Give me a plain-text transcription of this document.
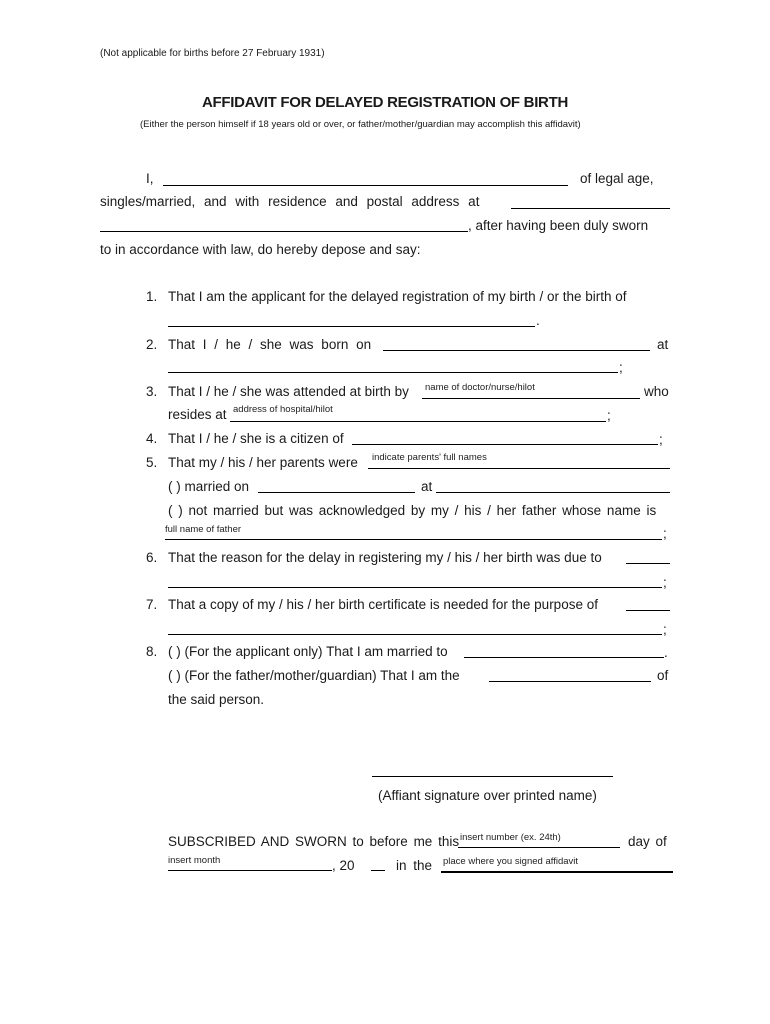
(Not applicable for births before 27 February 1931)
AFFIDAVIT FOR DELAYED REGISTRATION OF BIRTH
(Either the person himself if 18 years old or over, or father/mother/guardian may accomplish this affidavit)
I,	of legal age,
singles/married, and with residence and postal address at
, after having been duly sworn
to in accordance with law, do hereby depose and say:
1. That I am the applicant for the delayed registration of my birth / or the birth of
.
2. That I / he / she was born on	at
;
3. That I / he / she was attended at birth by name of doctor/nurse/hilot	who
resides at address of hospital/hilot	;
4. That I / he / she is a citizen of	;
5. That my / his / her parents were indicate parents' full names
( ) married on	at
( ) not married but was acknowledged by my / his / her father whose name is
full name of father	;
6. That the reason for the delay in registering my / his / her birth was due to
;
7. That a copy of my / his / her birth certificate is needed for the purpose of
;
8. ( ) (For the applicant only) That I am married to	.
( ) (For the father/mother/guardian) That I am the	of
the said person.
(Affiant signature over printed name)
SUBSCRIBED AND SWORN to before me this insert number (ex. 24th)	day of
insert month	, 20	in the place where you signed affidavit
